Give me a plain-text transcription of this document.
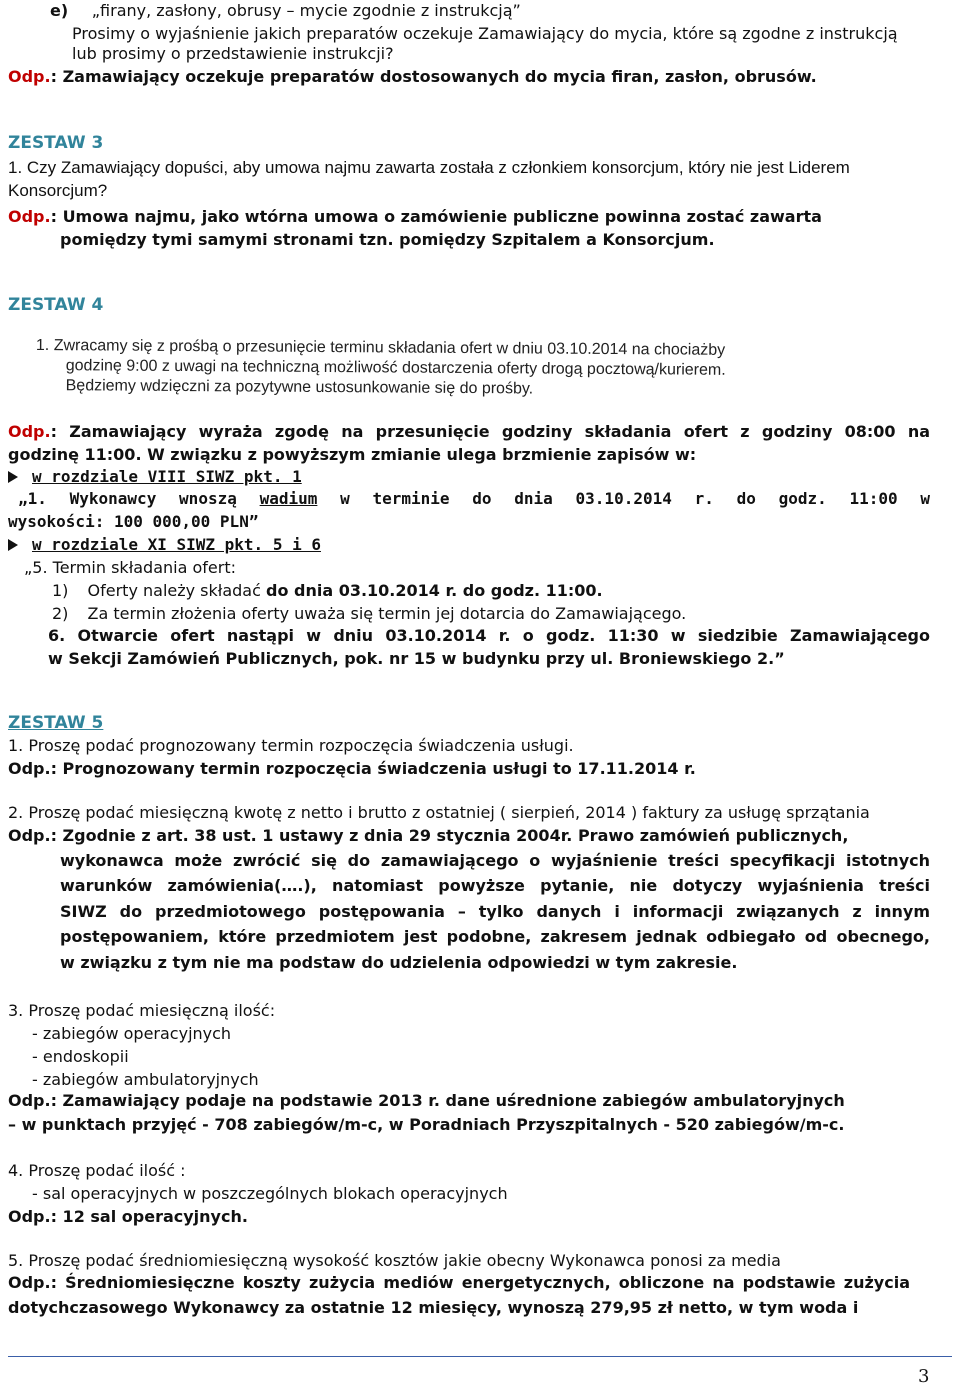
e) „firany, zasłony, obrusy – mycie zgodnie z instrukcją”
Prosimy o wyjaśnienie jakich preparatów oczekuje Zamawiający do mycia, które są zgodne z instrukcją
lub prosimy o przedstawienie instrukcji?
Odp.: Zamawiający oczekuje preparatów dostosowanych do mycia firan, zasłon, obrusów.
ZESTAW 3
1. Czy Zamawiający dopuści, aby umowa najmu zawarta została z członkiem konsorcjum, który nie jest Liderem
Konsorcjum?
Odp.: Umowa najmu, jako wtórna umowa o zamówienie publiczne powinna zostać zawarta
pomiędzy tymi samymi stronami tzn. pomiędzy Szpitalem a Konsorcjum.
ZESTAW 4
1. Zwracamy się z prośbą o przesunięcie terminu składania ofert w dniu 03.10.2014 na chociażby
godzinę 9:00 z uwagi na techniczną możliwość dostarczenia oferty drogą pocztową/kurierem.
Będziemy wdzięczni za pozytywne ustosunkowanie się do prośby.
Odp.: Zamawiający wyraża zgodę na przesunięcie godziny składania ofert z godziny 08:00 na
godzinę 11:00. W związku z powyższym zmianie ulega brzmienie zapisów w:
w rozdziale VIII SIWZ pkt. 1
„1. Wykonawcy wnoszą wadium w terminie do dnia 03.10.2014 r. do godz. 11:00 w
wysokości: 100 000,00 PLN”
w rozdziale XI SIWZ pkt. 5 i 6
„5. Termin składania ofert:
1) Oferty należy składać do dnia 03.10.2014 r. do godz. 11:00.
2) Za termin złożenia oferty uważa się termin jej dotarcia do Zamawiającego.
6. Otwarcie ofert nastąpi w dniu 03.10.2014 r. o godz. 11:30 w siedzibie Zamawiającego
w Sekcji Zamówień Publicznych, pok. nr 15 w budynku przy ul. Broniewskiego 2.”
ZESTAW 5
1. Proszę podać prognozowany termin rozpoczęcia świadczenia usługi.
Odp.: Prognozowany termin rozpoczęcia świadczenia usługi to 17.11.2014 r.
2. Proszę podać miesięczną kwotę z netto i brutto z ostatniej ( sierpień, 2014 ) faktury za usługę sprzątania
Odp.: Zgodnie z art. 38 ust. 1 ustawy z dnia 29 stycznia 2004r. Prawo zamówień publicznych,
wykonawca może zwrócić się do zamawiającego o wyjaśnienie treści specyfikacji istotnych
warunków zamówienia(….), natomiast powyższe pytanie, nie dotyczy wyjaśnienia treści
SIWZ do przedmiotowego postępowania – tylko danych i informacji związanych z innym
postępowaniem, które przedmiotem jest podobne, zakresem jednak odbiegało od obecnego,
w związku z tym nie ma podstaw do udzielenia odpowiedzi w tym zakresie.
3. Proszę podać miesięczną ilość:
- zabiegów operacyjnych
- endoskopii
- zabiegów ambulatoryjnych
Odp.: Zamawiający podaje na podstawie 2013 r. dane uśrednione zabiegów ambulatoryjnych
– w punktach przyjęć - 708 zabiegów/m-c, w Poradniach Przyszpitalnych - 520 zabiegów/m-c.
4. Proszę podać ilość :
- sal operacyjnych w poszczególnych blokach operacyjnych
Odp.: 12 sal operacyjnych.
5. Proszę podać średniomiesięczną wysokość kosztów jakie obecny Wykonawca ponosi za media
Odp.: Średniomiesięczne koszty zużycia mediów energetycznych, obliczone na podstawie zużycia
dotychczasowego Wykonawcy za ostatnie 12 miesięcy, wynoszą 279,95 zł netto, w tym woda i
3
